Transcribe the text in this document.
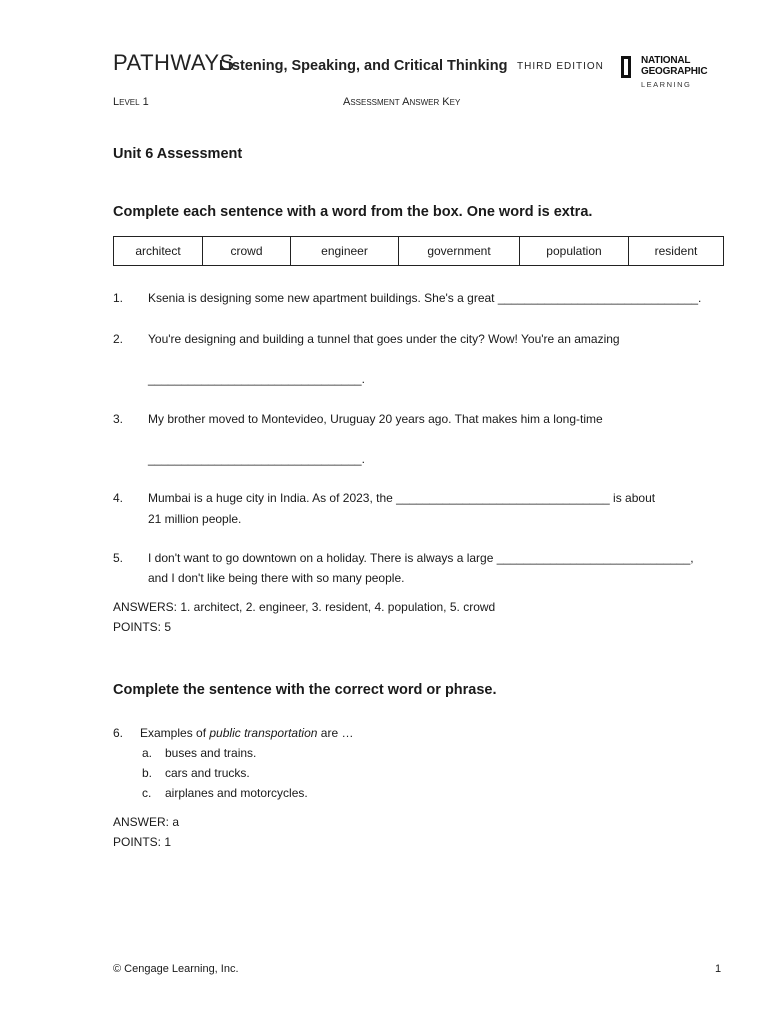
PATHWAYS
Listening, Speaking, and Critical Thinking THIRD EDITION
NATIONAL
GEOGRAPHIC
LEARNING
Level 1	Assessment Answer Key
Unit 6 Assessment
Complete each sentence with a word from the box. One word is extra.
architect	crowd	engineer	government	population	resident
1. Ksenia is designing some new apartment buildings. She's a great ______________________________.
2. You're designing and building a tunnel that goes under the city? Wow! You're an amazing
________________________________.
3. My brother moved to Montevideo, Uruguay 20 years ago. That makes him a long-time
________________________________.
4. Mumbai is a huge city in India. As of 2023, the ________________________________ is about
21 million people.
5. I don't want to go downtown on a holiday. There is always a large _____________________________,
and I don't like being there with so many people.
ANSWERS: 1. architect, 2. engineer, 3. resident, 4. population, 5. crowd
POINTS: 5
Complete the sentence with the correct word or phrase.
6. Examples of public transportation are …
a. buses and trains.
b. cars and trucks.
c. airplanes and motorcycles.
ANSWER: a
POINTS: 1
© Cengage Learning, Inc.	1
